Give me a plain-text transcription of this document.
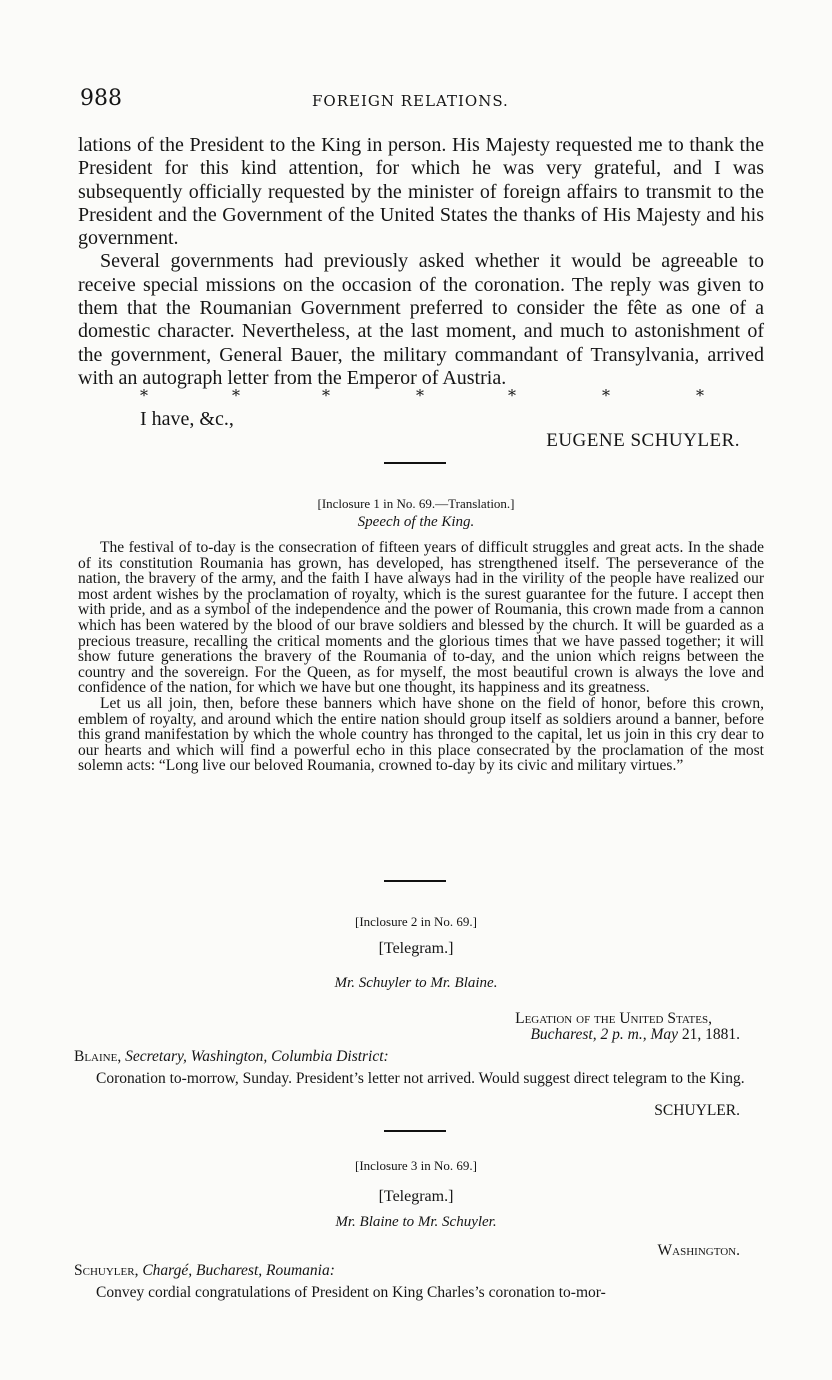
988	FOREIGN RELATIONS.

lations of the President to the King in person. His Majesty requested me to thank the President for this kind attention, for which he was very grateful, and I was subsequently officially requested by the minister of foreign affairs to transmit to the President and the Government of the United States the thanks of His Majesty and his government.

Several governments had previously asked whether it would be agreeable to receive special missions on the occasion of the coronation. The reply was given to them that the Roumanian Government preferred to consider the fête as one of a domestic character. Nevertheless, at the last moment, and much to astonishment of the government, General Bauer, the military commandant of Transylvania, arrived with an autograph letter from the Emperor of Austria.

*	*	*	*	*	*	*
I have, &c.,
EUGENE SCHUYLER.
[Inclosure 1 in No. 69.—Translation.]
Speech of the King.

The festival of to-day is the consecration of fifteen years of difficult struggles and great acts. In the shade of its constitution Roumania has grown, has developed, has strengthened itself. The perseverance of the nation, the bravery of the army, and the faith I have always had in the virility of the people have realized our most ardent wishes by the proclamation of royalty, which is the surest guarantee for the future. I accept then with pride, and as a symbol of the independence and the power of Roumania, this crown made from a cannon which has been watered by the blood of our brave soldiers and blessed by the church. It will be guarded as a precious treasure, recalling the critical moments and the glorious times that we have passed together; it will show future generations the bravery of the Roumania of to-day, and the union which reigns between the country and the sovereign. For the Queen, as for myself, the most beautiful crown is always the love and confidence of the nation, for which we have but one thought, its happiness and its greatness.

Let us all join, then, before these banners which have shone on the field of honor, before this crown, emblem of royalty, and around which the entire nation should group itself as soldiers around a banner, before this grand manifestation by which the whole country has thronged to the capital, let us join in this cry dear to our hearts and which will find a powerful echo in this place consecrated by the proclamation of the most solemn acts: “Long live our beloved Roumania, crowned to-day by its civic and military virtues.”

[Inclosure 2 in No. 69.]
[Telegram.]
Mr. Schuyler to Mr. Blaine.
Legation of the United States,
Bucharest, 2 p. m., May 21, 1881.
Blaine, Secretary, Washington, Columbia District:

Coronation to-morrow, Sunday. President’s letter not arrived. Would suggest direct telegram to the King.

SCHUYLER.
[Inclosure 3 in No. 69.]
[Telegram.]
Mr. Blaine to Mr. Schuyler.
Washington.
Schuyler, Chargé, Bucharest, Roumania:

Convey cordial congratulations of President on King Charles’s coronation to-mor-
